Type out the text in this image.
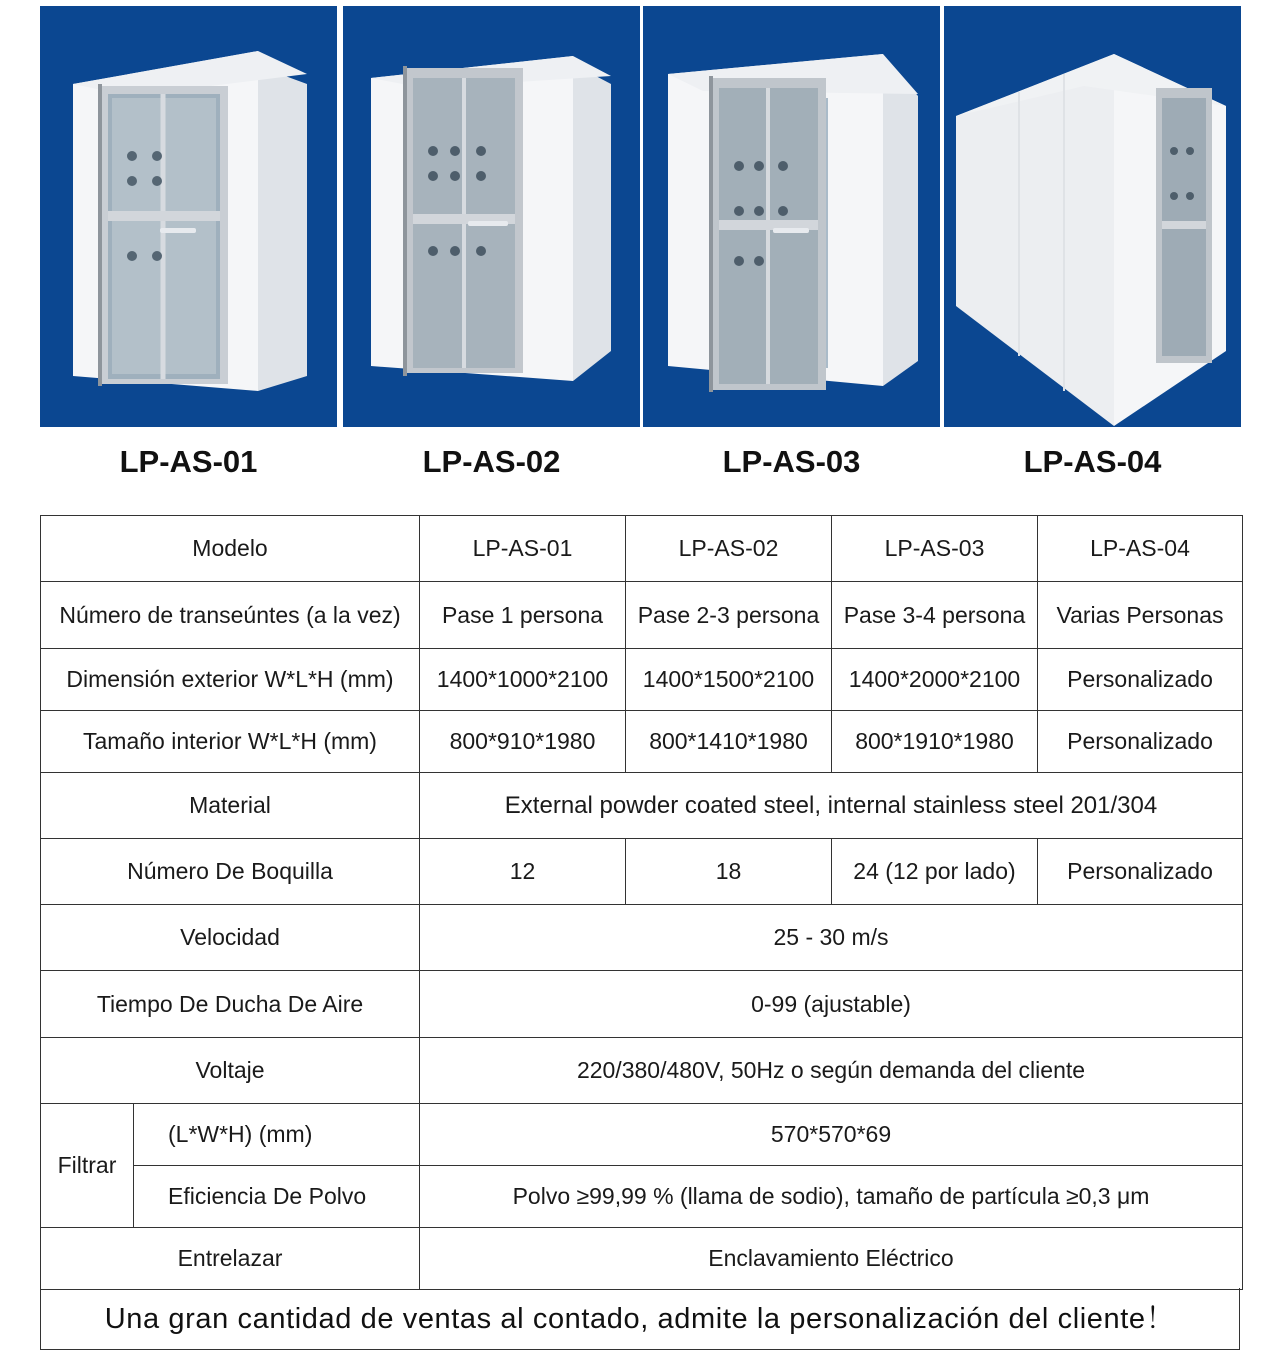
LP-AS-01	LP-AS-02	LP-AS-03	LP-AS-04
Modelo		LP-AS-01	LP-AS-02	LP-AS-03	LP-AS-04
Número de transeúntes (a la vez)		Pase 1 persona	Pase 2-3 persona	Pase 3-4 persona	Varias Personas
Dimensión exterior W*L*H (mm)		1400*1000*2100	1400*1500*2100	1400*2000*2100	Personalizado
Tamaño interior W*L*H (mm)		800*910*1980	800*1410*1980	800*1910*1980	Personalizado
Material		External powder coated steel, internal stainless steel 201/304			
Número De Boquilla		12	18	24 (12 por lado)	Personalizado
Velocidad		25 - 30 m/s			
Tiempo De Ducha De Aire		0-99 (ajustable)			
Voltaje		220/380/480V, 50Hz o según demanda del cliente			
Filtrar	(L*W*H) (mm)	570*570*69			
	Eficiencia De Polvo	Polvo ≥99,99 % (llama de sodio), tamaño de partícula ≥0,3 μm			
Entrelazar		Enclavamiento Eléctrico			
Una gran cantidad de ventas al contado, admite la personalización del cliente！
